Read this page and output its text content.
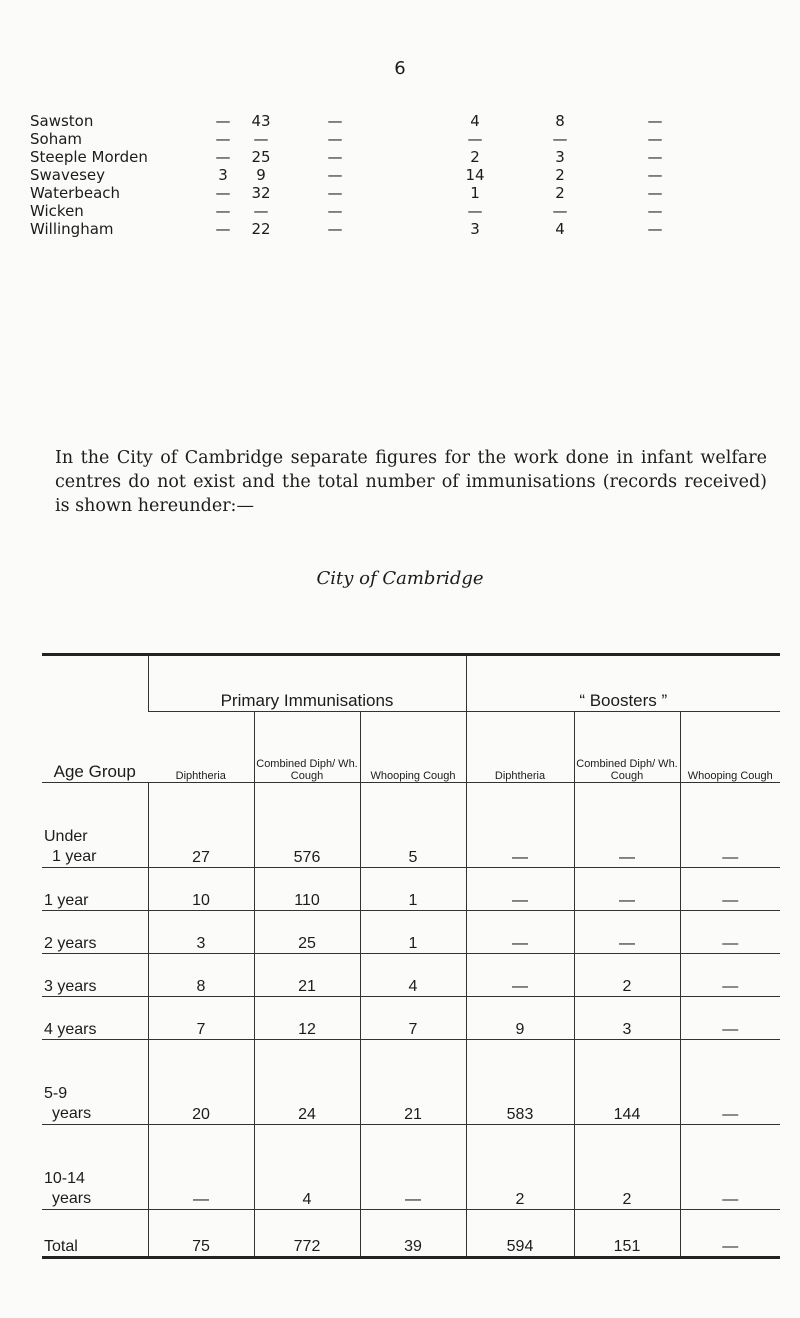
6
Sawston	— 43	—	4	8	—
Soham	— —	—	—	—	—
Steeple Morden	— 25	—	2	3	—
Swavesey	3 9	—	14	2	—
Waterbeach	— 32	—	1	2	—
Wicken	— —	—	—	—	—
Willingham	— 22	—	3	4	—

In the City of Cambridge separate figures for the work done in infant welfare centres do not exist and the total number of immunisations (records received) is shown hereunder:—

City of Cambridge
Age Group	Primary Immunisations			“ Boosters ”		
	Diphtheria	Combined Diph/ Wh. Cough	Whooping Cough	Diphtheria	Combined Diph/ Wh. Cough	Whooping Cough

Under
1 year	27	576	5	—	—	—

1 year	10	110	1	—	—	—

2 years	3	25	1	—	—	—

3 years	8	21	4	—	2	—

4 years	7	12	7	9	3	—

5-9
years	20	24	21	583	144	—

10-14
years	—	4	—	2	2	—
Total	75	772	39	594	151	—
